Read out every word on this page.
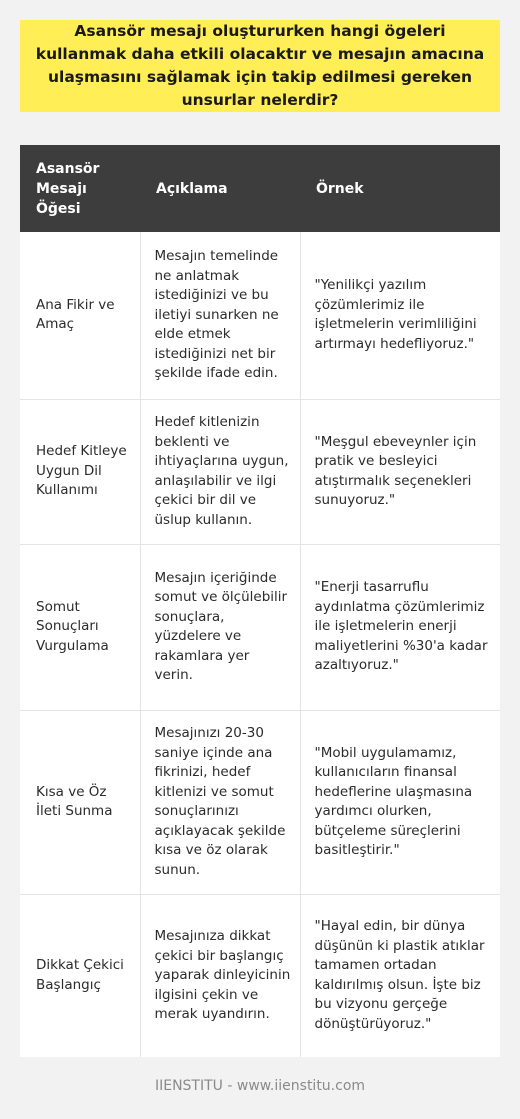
Asansör mesajı oluştururken hangi ögeleri kullanmak daha etkili olacaktır ve mesajın amacına ulaşmasını sağlamak için takip edilmesi gereken unsurlar nelerdir?
Asansör Mesajı Öğesi	Açıklama	Örnek
Ana Fikir ve Amaç	Mesajın temelinde ne anlatmak istediğinizi ve bu iletiyi sunarken ne elde etmek istediğinizi net bir şekilde ifade edin.	"Yenilikçi yazılım çözümlerimiz ile işletmelerin verimliliğini artırmayı hedefliyoruz."
Hedef Kitleye Uygun Dil Kullanımı	Hedef kitlenizin beklenti ve ihtiyaçlarına uygun, anlaşılabilir ve ilgi çekici bir dil ve üslup kullanın.	"Meşgul ebeveynler için pratik ve besleyici atıştırmalık seçenekleri sunuyoruz."
Somut Sonuçları Vurgulama	Mesajın içeriğinde somut ve ölçülebilir sonuçlara, yüzdelere ve rakamlara yer verin.	"Enerji tasarruflu aydınlatma çözümlerimiz ile işletmelerin enerji maliyetlerini %30'a kadar azaltıyoruz."
Kısa ve Öz İleti Sunma	Mesajınızı 20-30 saniye içinde ana fikrinizi, hedef kitlenizi ve somut sonuçlarınızı açıklayacak şekilde kısa ve öz olarak sunun.	"Mobil uygulamamız, kullanıcıların finansal hedeflerine ulaşmasına yardımcı olurken, bütçeleme süreçlerini basitleştirir."
Dikkat Çekici Başlangıç	Mesajınıza dikkat çekici bir başlangıç yaparak dinleyicinin ilgisini çekin ve merak uyandırın.	"Hayal edin, bir dünya düşünün ki plastik atıklar tamamen ortadan kaldırılmış olsun. İşte biz bu vizyonu gerçeğe dönüştürüyoruz."
IIENSTITU - www.iienstitu.com
